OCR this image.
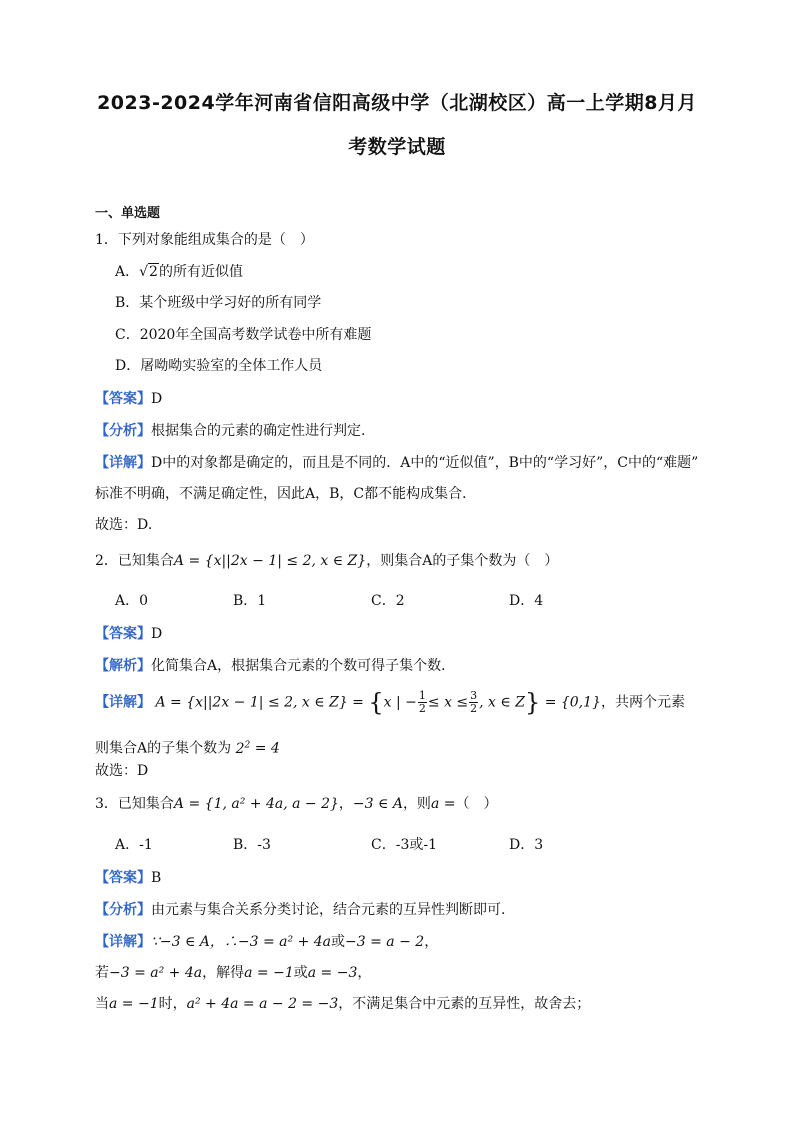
2023-2024学年河南省信阳高级中学（北湖校区）高一上学期8月月
考数学试题
一、单选题
1．下列对象能组成集合的是（　）
A．√2的所有近似值
B．某个班级中学习好的所有同学
C．2020年全国高考数学试卷中所有难题
D．屠呦呦实验室的全体工作人员
【答案】D
【分析】根据集合的元素的确定性进行判定.
【详解】D中的对象都是确定的，而且是不同的．A中的“近似值”，B中的“学习好”，C中的“难题”
标准不明确，不满足确定性，因此A，B，C都不能构成集合．
故选：D.
2．已知集合A = {x||2x − 1| ≤ 2, x ∈ Z}，则集合A的子集个数为（　）
A．0	B．1	C．2	D．4
【答案】D
【解析】化简集合A，根据集合元素的个数可得子集个数．
【详解】 A = {x||2x − 1| ≤ 2, x ∈ Z} = {x | − $\frac{1}{2} \le x \le \frac{3}{2}$ , x ∈ Z} = {0,1}，共两个元素
则集合A的子集个数为 $2^2 = 4$
故选：D
3．已知集合A = {1, a² + 4a, a − 2}，−3 ∈ A，则a =（　）
A．-1	B．-3	C．-3或-1	D．3
【答案】B
【分析】由元素与集合关系分类讨论，结合元素的互异性判断即可.
【详解】∵−3 ∈ A，∴−3 = a² + 4a或−3 = a − 2，
若−3 = a² + 4a，解得a = −1或a = −3，
当a = −1时，a² + 4a = a − 2 = −3，不满足集合中元素的互异性，故舍去；
